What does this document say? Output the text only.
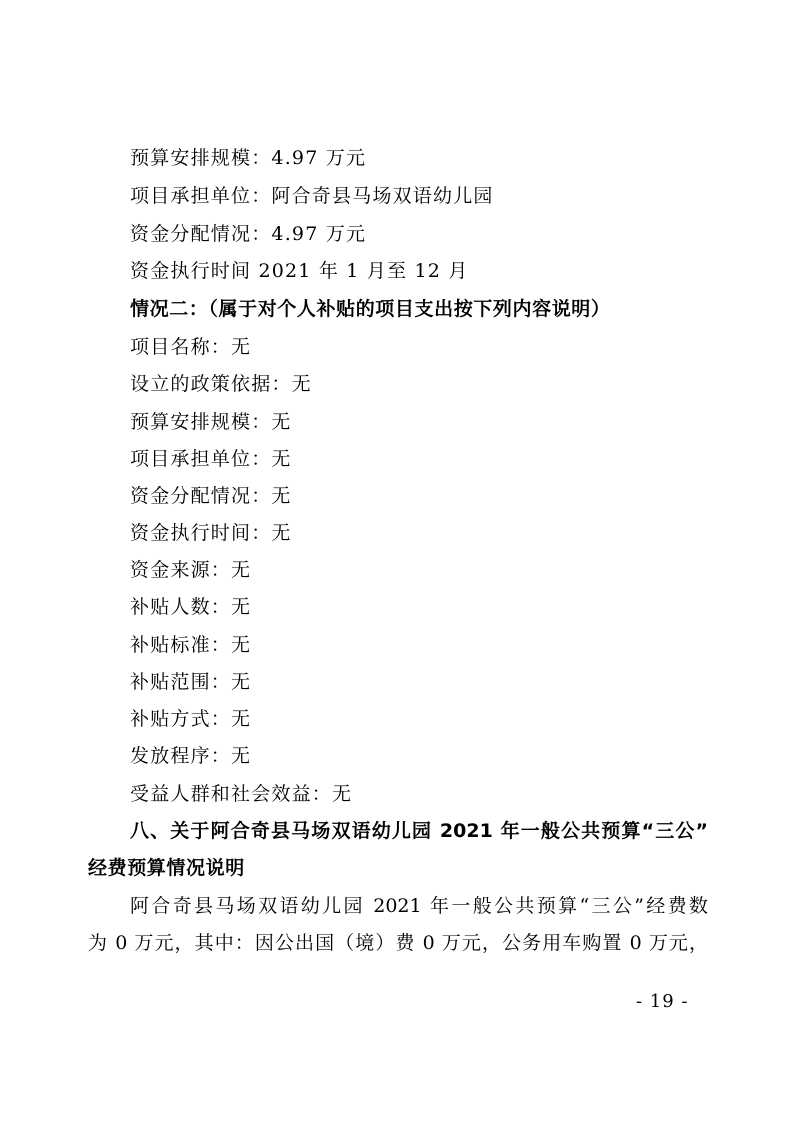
预算安排规模：4.97 万元
项目承担单位：阿合奇县马场双语幼儿园
资金分配情况：4.97 万元
资金执行时间 2021 年 1 月至 12 月
情况二：（属于对个人补贴的项目支出按下列内容说明）
项目名称：无
设立的政策依据：无
预算安排规模：无
项目承担单位：无
资金分配情况：无
资金执行时间：无
资金来源：无
补贴人数：无
补贴标准：无
补贴范围：无
补贴方式：无
发放程序：无
受益人群和社会效益：无
八、关于阿合奇县马场双语幼儿园 2021 年一般公共预算“三公”
经费预算情况说明
阿合奇县马场双语幼儿园 2021 年一般公共预算“三公”经费数
为 0 万元，其中：因公出国（境）费 0 万元，公务用车购置 0 万元，
- 19 -
